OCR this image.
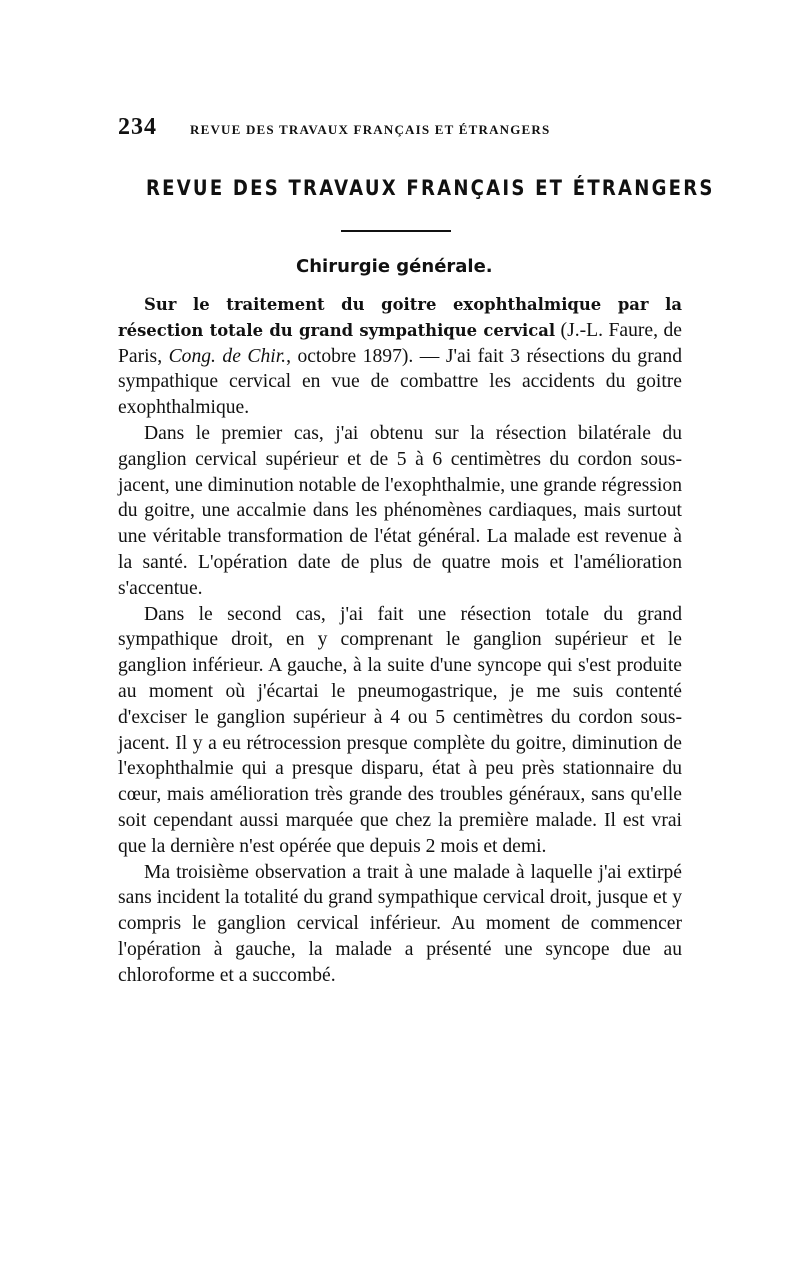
234	REVUE DES TRAVAUX FRANÇAIS ET ÉTRANGERS
REVUE DES TRAVAUX FRANÇAIS ET ÉTRANGERS
Chirurgie générale.

Sur le traitement du goitre exophthalmique par la résection totale du grand sympathique cervical (J.-L. Faure, de Paris, Cong. de Chir., octobre 1897). — J'ai fait 3 résections du grand sympathique cervical en vue de combattre les accidents du goitre exophthalmique.

Dans le premier cas, j'ai obtenu sur la résection bilatérale du ganglion cervical supérieur et de 5 à 6 centimètres du cordon sous-jacent, une diminution notable de l'exophthalmie, une grande régression du goitre, une accalmie dans les phénomènes cardiaques, mais surtout une véritable transformation de l'état général. La malade est revenue à la santé. L'opération date de plus de quatre mois et l'amélioration s'accentue.

Dans le second cas, j'ai fait une résection totale du grand sympathique droit, en y comprenant le ganglion supérieur et le ganglion inférieur. A gauche, à la suite d'une syncope qui s'est produite au moment où j'écartai le pneumogastrique, je me suis contenté d'exciser le ganglion supérieur à 4 ou 5 centimètres du cordon sous-jacent. Il y a eu rétrocession presque complète du goitre, diminution de l'exophthalmie qui a presque disparu, état à peu près stationnaire du cœur, mais amélioration très grande des troubles généraux, sans qu'elle soit cependant aussi marquée que chez la première malade. Il est vrai que la dernière n'est opérée que depuis 2 mois et demi.

Ma troisième observation a trait à une malade à laquelle j'ai extirpé sans incident la totalité du grand sympathique cervical droit, jusque et y compris le ganglion cervical inférieur. Au moment de commencer l'opération à gauche, la malade a présenté une syncope due au chloroforme et a succombé.
